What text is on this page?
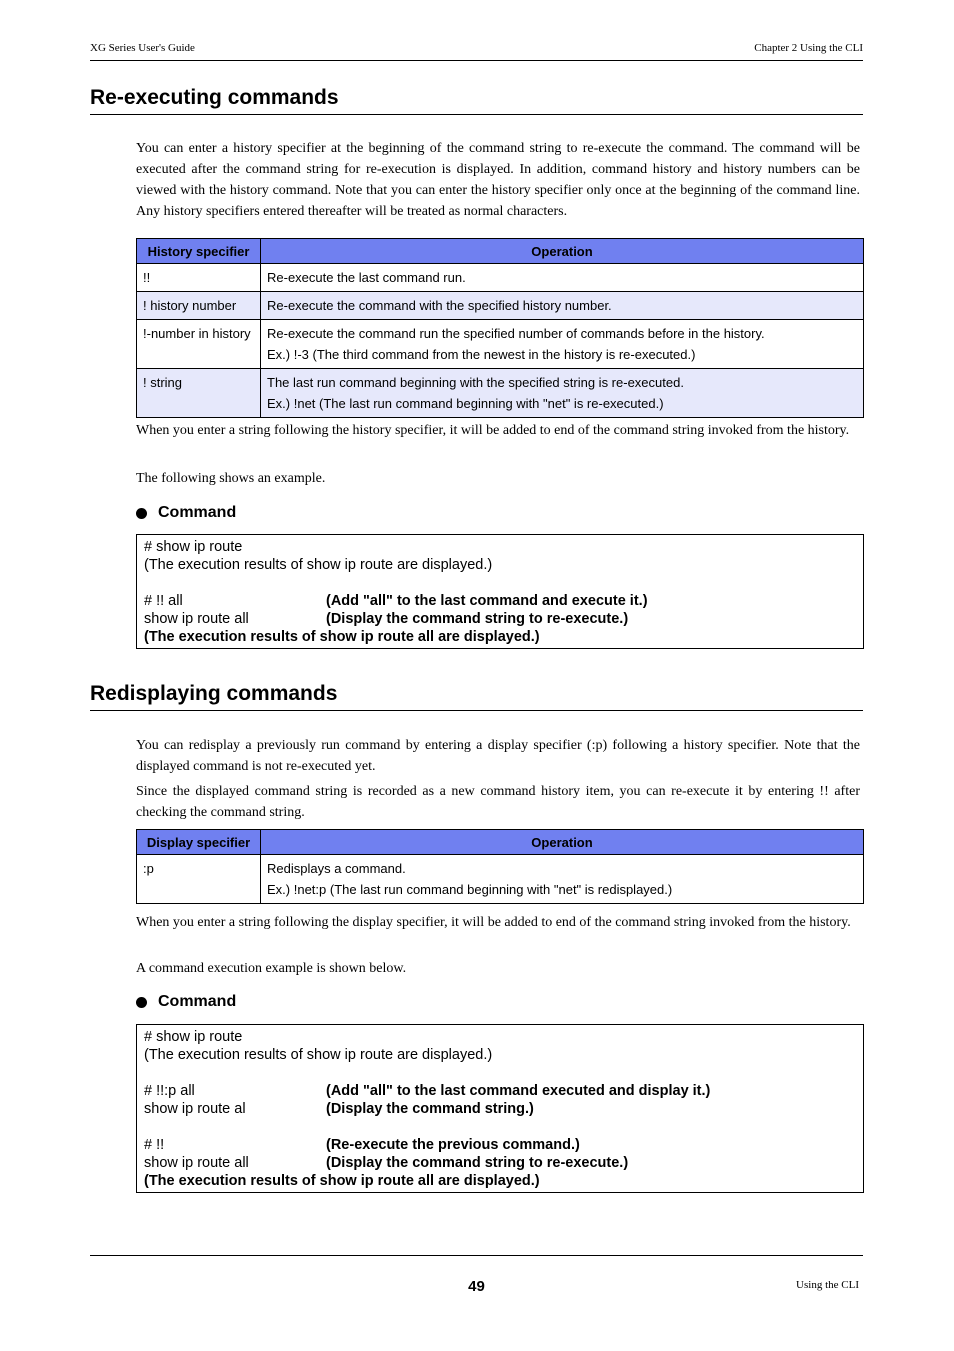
XG Series User's Guide	Chapter 2 Using the CLI
Re-executing commands

You can enter a history specifier at the beginning of the command string to re-execute the command. The command will be executed after the command string for re-execution is displayed. In addition, command history and history numbers can be viewed with the history command. Note that you can enter the history specifier only once at the beginning of the command line. Any history specifiers entered thereafter will be treated as normal characters.

History specifier	Operation
!!	Re-execute the last command run.

! history number	Re-execute the command with the specified history number.

!-number in history	Re-execute the command run the specified number of commands before in the history.
Ex.) !-3 (The third command from the newest in the history is re-executed.)

! string	The last run command beginning with the specified string is re-executed.
Ex.) !net (The last run command beginning with "net" is re-executed.)

When you enter a string following the history specifier, it will be added to end of the command string invoked from the history.

The following shows an example.

Command
# show ip route
(The execution results of show ip route are displayed.)
# !! all	(Add "all" to the last command and execute it.)
show ip route all	(Display the command string to re-execute.)
(The execution results of show ip route all are displayed.)
Redisplaying commands

You can redisplay a previously run command by entering a display specifier (:p) following a history specifier. Note that the displayed command is not re-executed yet.

Since the displayed command string is recorded as a new command history item, you can re-execute it by entering !! after checking the command string.

Display specifier	Operation
:p	Redisplays a command.
Ex.) !net:p (The last run command beginning with "net" is redisplayed.)

When you enter a string following the display specifier, it will be added to end of the command string invoked from the history.

A command execution example is shown below.

Command
# show ip route
(The execution results of show ip route are displayed.)
# !!:p all	(Add "all" to the last command executed and display it.)
show ip route al	(Display the command string.)
# !!	(Re-execute the previous command.)
show ip route all	(Display the command string to re-execute.)
(The execution results of show ip route all are displayed.)
49	Using the CLI
